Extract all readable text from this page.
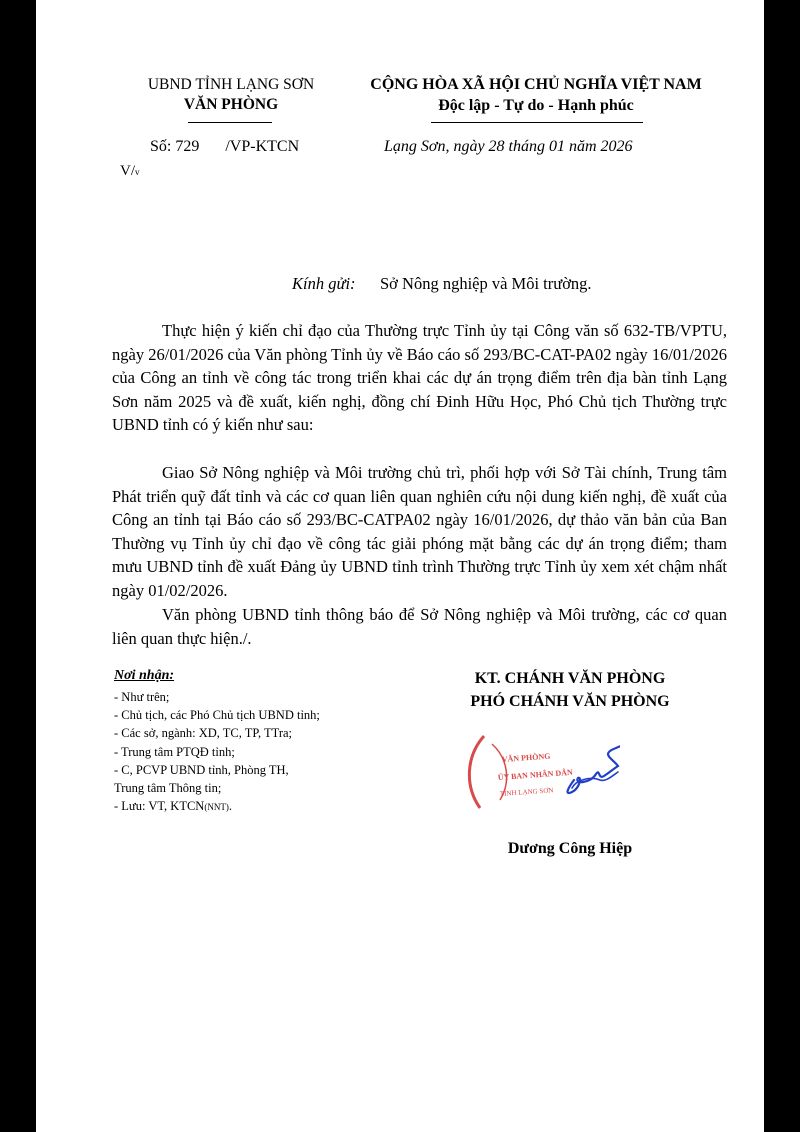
UBND TỈNH LẠNG SƠN
VĂN PHÒNG
CỘNG HÒA XÃ HỘI CHỦ NGHĨA VIỆT NAM
Độc lập - Tự do - Hạnh phúc
Số: 729 /VP-KTCN	Lạng Sơn, ngày 28 tháng 01 năm 2026
V/v
Kính gửi: Sở Nông nghiệp và Môi trường.
Thực hiện ý kiến chỉ đạo của Thường trực Tỉnh ủy tại Công văn số 632-TB/VPTU, ngày 26/01/2026 của Văn phòng Tỉnh ủy về Báo cáo số 293/BC-CAT-PA02 ngày 16/01/2026 của Công an tỉnh về công tác trong triển khai các dự án trọng điểm trên địa bàn tỉnh Lạng Sơn năm 2025 và đề xuất, kiến nghị, đồng chí Đinh Hữu Học, Phó Chủ tịch Thường trực UBND tỉnh có ý kiến như sau:
Giao Sở Nông nghiệp và Môi trường chủ trì, phối hợp với Sở Tài chính, Trung tâm Phát triển quỹ đất tỉnh và các cơ quan liên quan nghiên cứu nội dung kiến nghị, đề xuất của Công an tỉnh tại Báo cáo số 293/BC-CATPA02 ngày 16/01/2026, dự thảo văn bản của Ban Thường vụ Tỉnh ủy chỉ đạo về công tác giải phóng mặt bằng các dự án trọng điểm; tham mưu UBND tỉnh đề xuất Đảng ủy UBND tỉnh trình Thường trực Tỉnh ủy xem xét chậm nhất ngày 01/02/2026.
Văn phòng UBND tỉnh thông báo để Sở Nông nghiệp và Môi trường, các cơ quan liên quan thực hiện./.
Nơi nhận:
- Như trên;
- Chủ tịch, các Phó Chủ tịch UBND tỉnh;
- Các sở, ngành: XD, TC, TP, TTra;
- Trung tâm PTQĐ tỉnh;
- C, PCVP UBND tỉnh, Phòng TH,
Trung tâm Thông tin;
- Lưu: VT, KTCN(NNT).
KT. CHÁNH VĂN PHÒNG
PHÓ CHÁNH VĂN PHÒNG
VĂN PHÒNG
ỦY BAN NHÂN DÂN
TỈNH LẠNG SƠN
Dương Công Hiệp
